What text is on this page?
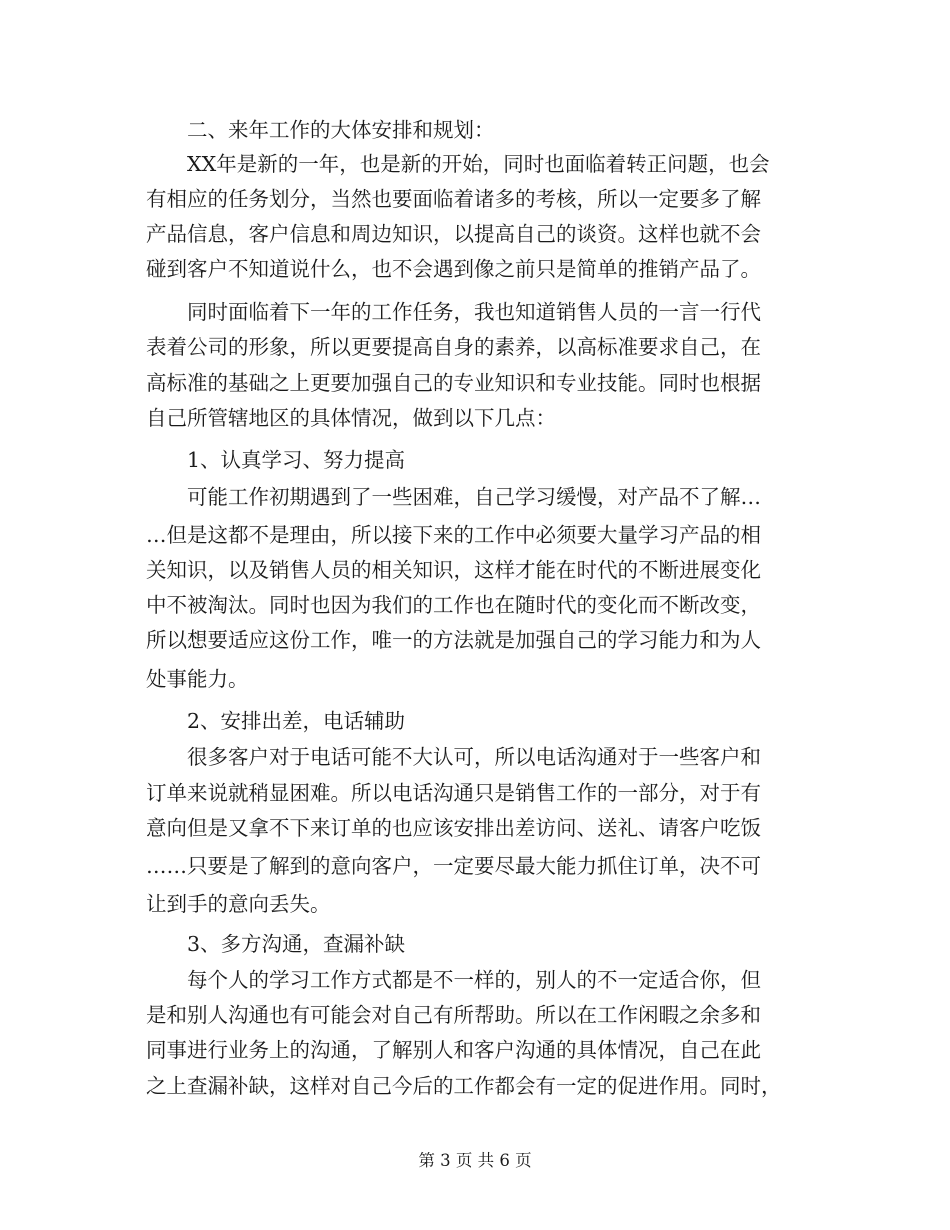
二、来年工作的大体安排和规划：
XX年是新的一年，也是新的开始，同时也面临着转正问题，也会
有相应的任务划分，当然也要面临着诸多的考核，所以一定要多了解
产品信息，客户信息和周边知识，以提高自己的谈资。这样也就不会
碰到客户不知道说什么，也不会遇到像之前只是简单的推销产品了。
同时面临着下一年的工作任务，我也知道销售人员的一言一行代
表着公司的形象，所以更要提高自身的素养，以高标准要求自己，在
高标准的基础之上更要加强自己的专业知识和专业技能。同时也根据
自己所管辖地区的具体情况，做到以下几点：
1、认真学习、努力提高
可能工作初期遇到了一些困难，自己学习缓慢，对产品不了解…
…但是这都不是理由，所以接下来的工作中必须要大量学习产品的相
关知识，以及销售人员的相关知识，这样才能在时代的不断进展变化
中不被淘汰。同时也因为我们的工作也在随时代的变化而不断改变，
所以想要适应这份工作，唯一的方法就是加强自己的学习能力和为人
处事能力。
2、安排出差，电话辅助
很多客户对于电话可能不大认可，所以电话沟通对于一些客户和
订单来说就稍显困难。所以电话沟通只是销售工作的一部分，对于有
意向但是又拿不下来订单的也应该安排出差访问、送礼、请客户吃饭
……只要是了解到的意向客户，一定要尽最大能力抓住订单，决不可
让到手的意向丢失。
3、多方沟通，查漏补缺
每个人的学习工作方式都是不一样的，别人的不一定适合你，但
是和别人沟通也有可能会对自己有所帮助。所以在工作闲暇之余多和
同事进行业务上的沟通，了解别人和客户沟通的具体情况，自己在此
之上查漏补缺，这样对自己今后的工作都会有一定的促进作用。同时，
第 3 页 共 6 页
